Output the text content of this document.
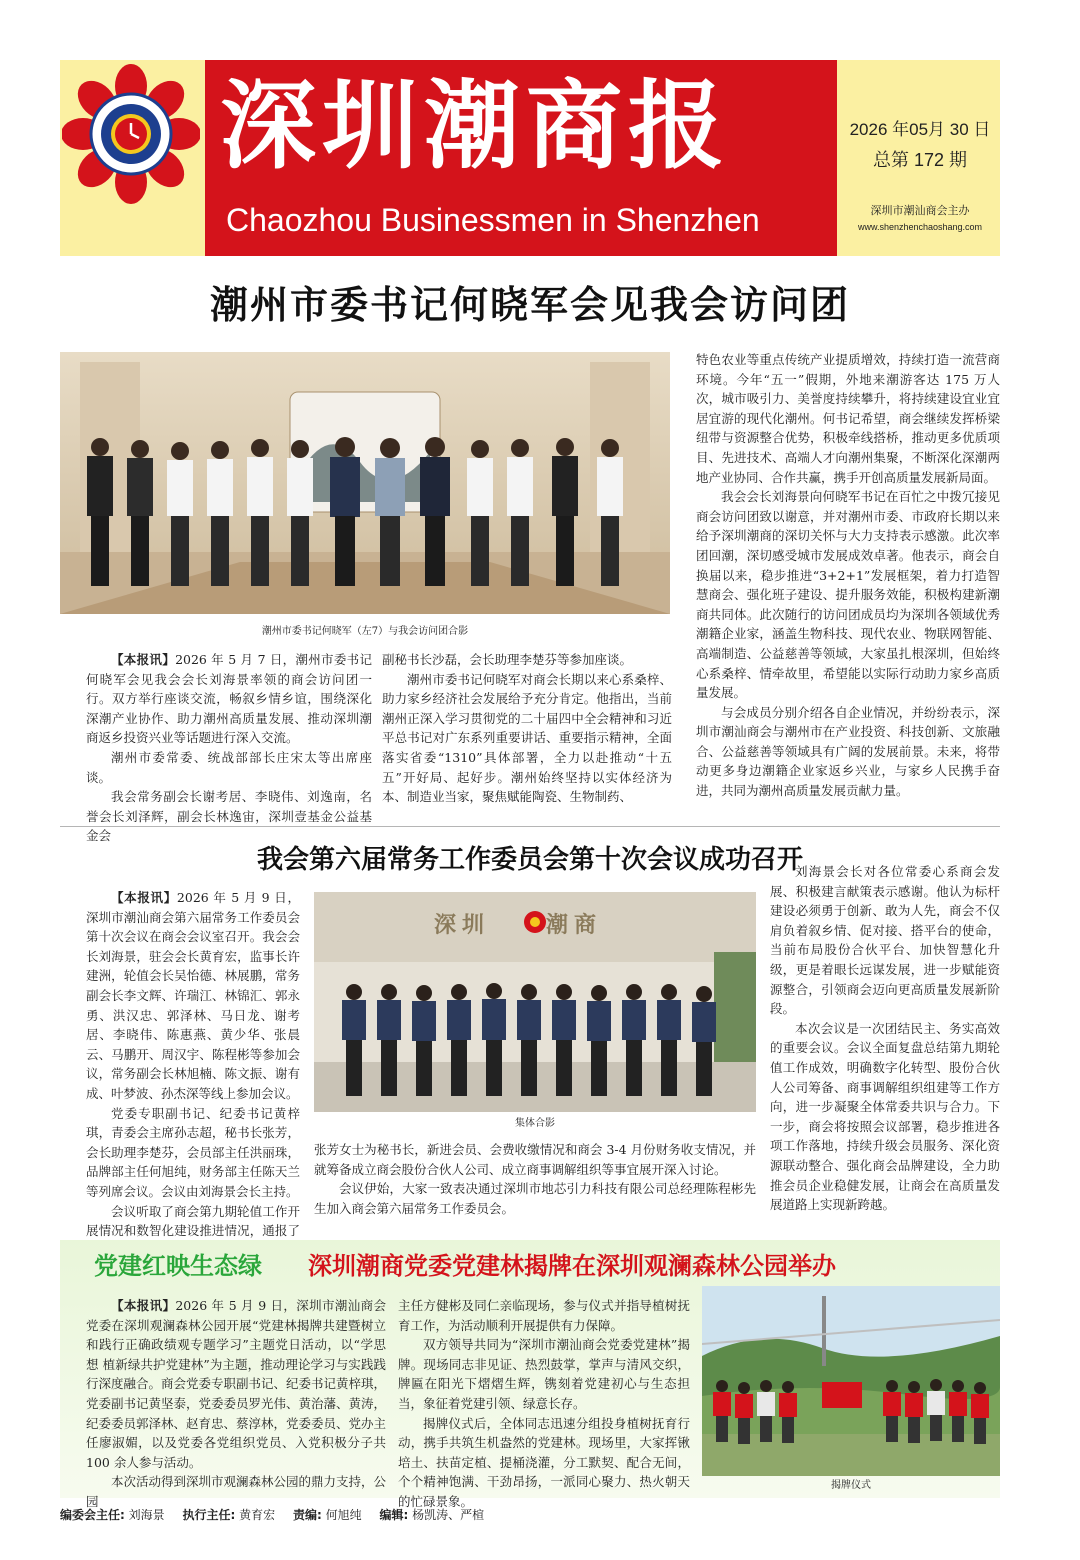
深圳潮商报
Chaozhou Businessmen in Shenzhen
2026 年05月 30 日
总第 172 期
深圳市潮汕商会主办
www.shenzhenchaoshang.com
潮州市委书记何晓军会见我会访问团
潮州市委书记何晓军（左7）与我会访问团合影

【本报讯】2026 年 5 月 7 日，潮州市委书记何晓军会见我会会长刘海景率领的商会访问团一行。双方举行座谈交流，畅叙乡情乡谊，围绕深化深潮产业协作、助力潮州高质量发展、推动深圳潮商返乡投资兴业等话题进行深入交流。

潮州市委常委、统战部部长庄宋太等出席座谈。

我会常务副会长谢考居、李晓伟、刘逸南，名誉会长刘泽辉，副会长林逸宙，深圳壹基金公益基金会

副秘书长沙磊，会长助理李楚芬等参加座谈。

潮州市委书记何晓军对商会长期以来心系桑梓、助力家乡经济社会发展给予充分肯定。他指出，当前潮州正深入学习贯彻党的二十届四中全会精神和习近平总书记对广东系列重要讲话、重要指示精神，全面落实省委“1310”具体部署，全力以赴推动“十五五”开好局、起好步。潮州始终坚持以实体经济为本、制造业当家，聚焦赋能陶瓷、生物制药、

特色农业等重点传统产业提质增效，持续打造一流营商环境。今年“五一”假期，外地来潮游客达 175 万人次，城市吸引力、美誉度持续攀升，将持续建设宜业宜居宜游的现代化潮州。何书记希望，商会继续发挥桥梁纽带与资源整合优势，积极牵线搭桥，推动更多优质项目、先进技术、高端人才向潮州集聚，不断深化深潮两地产业协同、合作共赢，携手开创高质量发展新局面。

我会会长刘海景向何晓军书记在百忙之中拨冗接见商会访问团致以谢意，并对潮州市委、市政府长期以来给予深圳潮商的深切关怀与大力支持表示感激。此次率团回潮，深切感受城市发展成效卓著。他表示，商会自换届以来，稳步推进“3+2+1”发展框架，着力打造智慧商会、强化班子建设、提升服务效能，积极构建新潮商共同体。此次随行的访问团成员均为深圳各领域优秀潮籍企业家，涵盖生物科技、现代农业、物联网智能、高端制造、公益慈善等领域，大家虽扎根深圳，但始终心系桑梓、情牵故里，希望能以实际行动助力家乡高质量发展。

与会成员分别介绍各自企业情况，并纷纷表示，深圳市潮汕商会与潮州市在产业投资、科技创新、文旅融合、公益慈善等领域具有广阔的发展前景。未来，将带动更多身边潮籍企业家返乡兴业，与家乡人民携手奋进，共同为潮州高质量发展贡献力量。

我会第六届常务工作委员会第十次会议成功召开

【本报讯】2026 年 5 月 9 日，深圳市潮汕商会第六届常务工作委员会第十次会议在商会会议室召开。我会会长刘海景，驻会会长黄育宏，监事长许建洲，轮值会长吴怡德、林展鹏，常务副会长李文辉、许瑞江、林锦汇、郭永勇、洪汉忠、郭泽林、马日龙、谢考居、李晓伟、陈惠燕、黄少华、张晨云、马鹏开、周汉宇、陈程彬等参加会议，常务副会长林旭楠、陈文振、谢有成、叶梦波、孙杰深等线上参加会议。

党委专职副书记、纪委书记黄梓琪，青委会主席孙志超，秘书长张芳，会长助理李楚芬，会员部主任洪丽珠，品牌部主任何旭纯，财务部主任陈天兰等列席会议。会议由刘海景会长主持。

会议听取了商会第九期轮值工作开展情况和数智化建设推进情况，通报了

深圳	潮商
集体合影

张芳女士为秘书长，新进会员、会费收缴情况和商会 3-4 月份财务收支情况，并就筹备成立商会股份合伙人公司、成立商事调解组织等事宜展开深入讨论。

会议伊始，大家一致表决通过深圳市地芯引力科技有限公司总经理陈程彬先生加入商会第六届常务工作委员会。

刘海景会长对各位常委心系商会发展、积极建言献策表示感谢。他认为标杆建设必须勇于创新、敢为人先，商会不仅肩负着叙乡情、促对接、搭平台的使命，当前布局股份合伙平台、加快智慧化升级，更是着眼长远谋发展，进一步赋能资源整合，引领商会迈向更高质量发展新阶段。

本次会议是一次团结民主、务实高效的重要会议。会议全面复盘总结第九期轮值工作成效，明确数字化转型、股份合伙人公司筹备、商事调解组织组建等工作方向，进一步凝聚全体常委共识与合力。下一步，商会将按照会议部署，稳步推进各项工作落地，持续升级会员服务、深化资源联动整合、强化商会品牌建设，全力助推会员企业稳健发展，让商会在高质量发展道路上实现新跨越。

党建红映生态绿	深圳潮商党委党建林揭牌在深圳观澜森林公园举办

【本报讯】2026 年 5 月 9 日，深圳市潮汕商会党委在深圳观澜森林公园开展“党建林揭牌共建暨树立和践行正确政绩观专题学习”主题党日活动，以“学思想 植新绿共护党建林”为主题，推动理论学习与实践践行深度融合。商会党委专职副书记、纪委书记黄梓琪，党委副书记黄坚泰，党委委员罗光伟、黄治藩、黄涛，纪委委员郭泽林、赵育忠、蔡淳林，党委委员、党办主任廖淑媚，以及党委各党组织党员、入党积极分子共 100 余人参与活动。

本次活动得到深圳市观澜森林公园的鼎力支持，公园

主任方健彬及同仁亲临现场，参与仪式并指导植树抚育工作，为活动顺利开展提供有力保障。

双方领导共同为“深圳市潮汕商会党委党建林”揭牌。现场同志非见证、热烈鼓掌，掌声与清风交织，牌匾在阳光下熠熠生辉，镌刻着党建初心与生态担当，象征着党建引领、绿意长存。

揭牌仪式后，全体同志迅速分组投身植树抚育行动，携手共筑生机盎然的党建林。现场里，大家挥锹培土、扶苗定植、提桶浇灌，分工默契、配合无间，个个精神饱满、干劲昂扬，一派同心聚力、热火朝天的忙碌景象。

揭牌仪式
编委会主任: 刘海景 执行主任: 黄育宏 责编: 何旭纯 编辑: 杨凯涛、严楦
